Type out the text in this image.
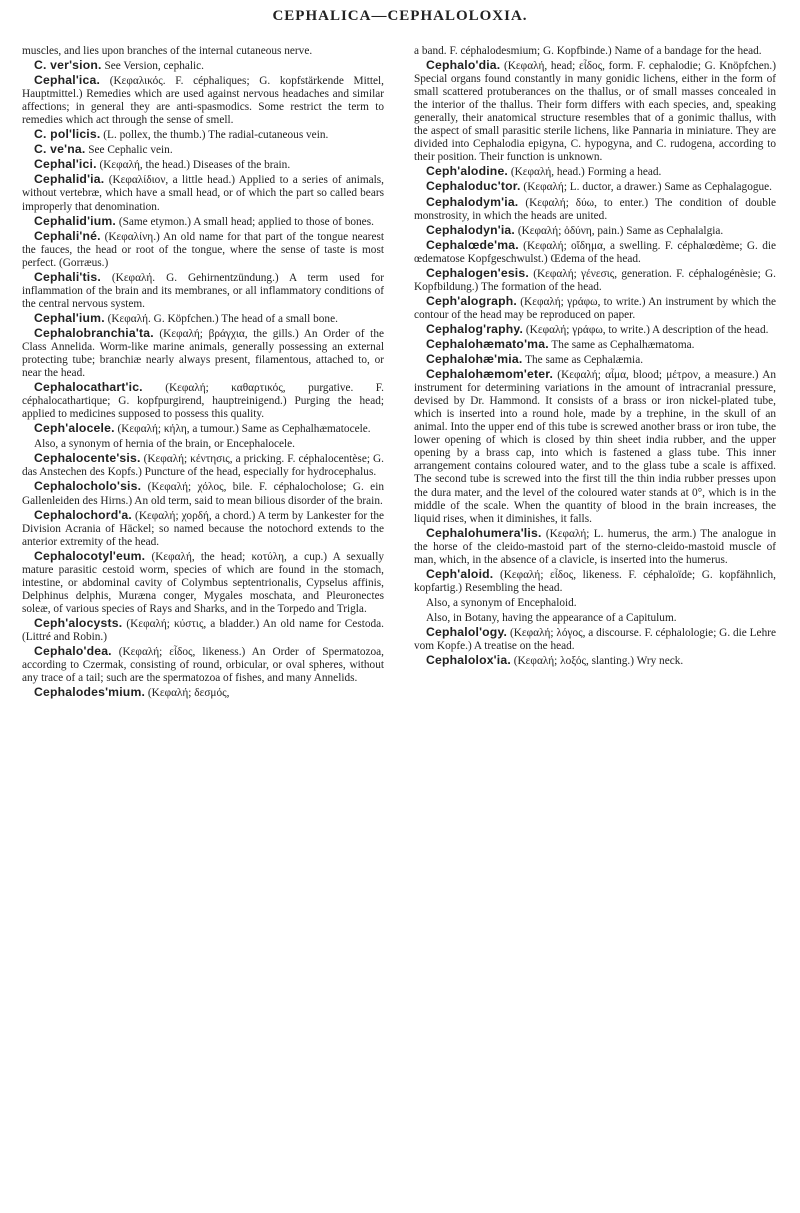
CEPHALICA—CEPHALOLOXIA.

muscles, and lies upon branches of the internal cutaneous nerve.

C. ver'sion. See Version, cephalic.

Cephal'ica. (Κεφαλικός. F. céphaliques; G. kopfstärkende Mittel, Hauptmittel.) Remedies which are used against nervous headaches and similar affections; in general they are anti-spasmodics. Some restrict the term to remedies which act through the sense of smell.

C. pol'licis. (L. pollex, the thumb.) The radial-cutaneous vein.

C. ve'na. See Cephalic vein.

Cephal'ici. (Κεφαλή, the head.) Diseases of the brain.

Cephalid'ia. (Κεφαλίδιον, a little head.) Applied to a series of animals, without vertebræ, which have a small head, or of which the part so called bears improperly that denomination.

Cephalid'ium. (Same etymon.) A small head; applied to those of bones.

Cephali'né. (Κεφαλίνη.) An old name for that part of the tongue nearest the fauces, the head or root of the tongue, where the sense of taste is most perfect. (Gorræus.)

Cephali'tis. (Κεφαλή. G. Gehirnentzündung.) A term used for inflammation of the brain and its membranes, or all inflammatory conditions of the central nervous system.

Cephal'ium. (Κεφαλή. G. Köpfchen.) The head of a small bone.

Cephalobranchia'ta. (Κεφαλή; βράγχια, the gills.) An Order of the Class Annelida. Worm-like marine animals, generally possessing an external protecting tube; branchiæ nearly always present, filamentous, attached to, or near the head.

Cephalocathart'ic. (Κεφαλή; καθαρτικός, purgative. F. céphalocathartique; G. kopfpurgirend, hauptreinigend.) Purging the head; applied to medicines supposed to possess this quality.

Ceph'alocele. (Κεφαλή; κήλη, a tumour.) Same as Cephalhæmatocele.

Also, a synonym of hernia of the brain, or Encephalocele.

Cephalocente'sis. (Κεφαλή; κέντησις, a pricking. F. céphalocentèse; G. das Anstechen des Kopfs.) Puncture of the head, especially for hydrocephalus.

Cephalocholo'sis. (Κεφαλή; χόλος, bile. F. céphalocholose; G. ein Gallenleiden des Hirns.) An old term, said to mean bilious disorder of the brain.

Cephalochord'a. (Κεφαλή; χορδή, a chord.) A term by Lankester for the Division Acrania of Häckel; so named because the notochord extends to the anterior extremity of the head.

Cephalocotyl'eum. (Κεφαλή, the head; κοτύλη, a cup.) A sexually mature parasitic cestoid worm, species of which are found in the stomach, intestine, or abdominal cavity of Colymbus septentrionalis, Cypselus affinis, Delphinus delphis, Muræna conger, Mygales moschata, and Pleuronectes soleæ, of various species of Rays and Sharks, and in the Torpedo and Trigla.

Ceph'alocysts. (Κεφαλή; κύστις, a bladder.) An old name for Cestoda. (Littré and Robin.)

Cephalo'dea. (Κεφαλή; εἶδος, likeness.) An Order of Spermatozoa, according to Czermak, consisting of round, orbicular, or oval spheres, without any trace of a tail; such are the spermatozoa of fishes, and many Annelids.

Cephalodes'mium. (Κεφαλή; δεσμός,

a band. F. céphalodesmium; G. Kopfbinde.) Name of a bandage for the head.

Cephalo'dia. (Κεφαλή, head; εἶδος, form. F. cephalodie; G. Knöpfchen.) Special organs found constantly in many gonidic lichens, either in the form of small scattered protuberances on the thallus, or of small masses concealed in the interior of the thallus. Their form differs with each species, and, speaking generally, their anatomical structure resembles that of a gonimic thallus, with the aspect of small parasitic sterile lichens, like Pannaria in miniature. They are divided into Cephalodia epigyna, C. hypogyna, and C. rudogena, according to their position. Their function is unknown.

Ceph'alodine. (Κεφαλή, head.) Forming a head.

Cephaloduc'tor. (Κεφαλή; L. ductor, a drawer.) Same as Cephalagogue.

Cephalodym'ia. (Κεφαλή; δύω, to enter.) The condition of double monstrosity, in which the heads are united.

Cephalodyn'ia. (Κεφαλή; ὀδύνη, pain.) Same as Cephalalgia.

Cephalœde'ma. (Κεφαλή; οἴδημα, a swelling. F. céphalœdème; G. die œdematose Kopfgeschwulst.) Œdema of the head.

Cephalogen'esis. (Κεφαλή; γένεσις, generation. F. céphalogénèsie; G. Kopfbildung.) The formation of the head.

Ceph'alograph. (Κεφαλή; γράφω, to write.) An instrument by which the contour of the head may be reproduced on paper.

Cephalog'raphy. (Κεφαλή; γράφω, to write.) A description of the head.

Cephalohæmato'ma. The same as Cephalhæmatoma.

Cephalohæ'mia. The same as Cephalæmia.

Cephalohæmom'eter. (Κεφαλή; αἷμα, blood; μέτρον, a measure.) An instrument for determining variations in the amount of intracranial pressure, devised by Dr. Hammond. It consists of a brass or iron nickel-plated tube, which is inserted into a round hole, made by a trephine, in the skull of an animal. Into the upper end of this tube is screwed another brass or iron tube, the lower opening of which is closed by thin sheet india rubber, and the upper opening by a brass cap, into which is fastened a glass tube. This inner arrangement contains coloured water, and to the glass tube a scale is affixed. The second tube is screwed into the first till the thin india rubber presses upon the dura mater, and the level of the coloured water stands at 0°, which is in the middle of the scale. When the quantity of blood in the brain increases, the liquid rises, when it diminishes, it falls.

Cephalohumera'lis. (Κεφαλή; L. humerus, the arm.) The analogue in the horse of the cleido-mastoid part of the sterno-cleido-mastoid muscle of man, which, in the absence of a clavicle, is inserted into the humerus.

Ceph'aloid. (Κεφαλή; εἶδος, likeness. F. céphaloïde; G. kopfähnlich, kopfartig.) Resembling the head.

Also, a synonym of Encephaloid.

Also, in Botany, having the appearance of a Capitulum.

Cephalol'ogy. (Κεφαλή; λόγος, a discourse. F. céphalologie; G. die Lehre vom Kopfe.) A treatise on the head.

Cephalolox'ia. (Κεφαλή; λοξός, slanting.) Wry neck.
